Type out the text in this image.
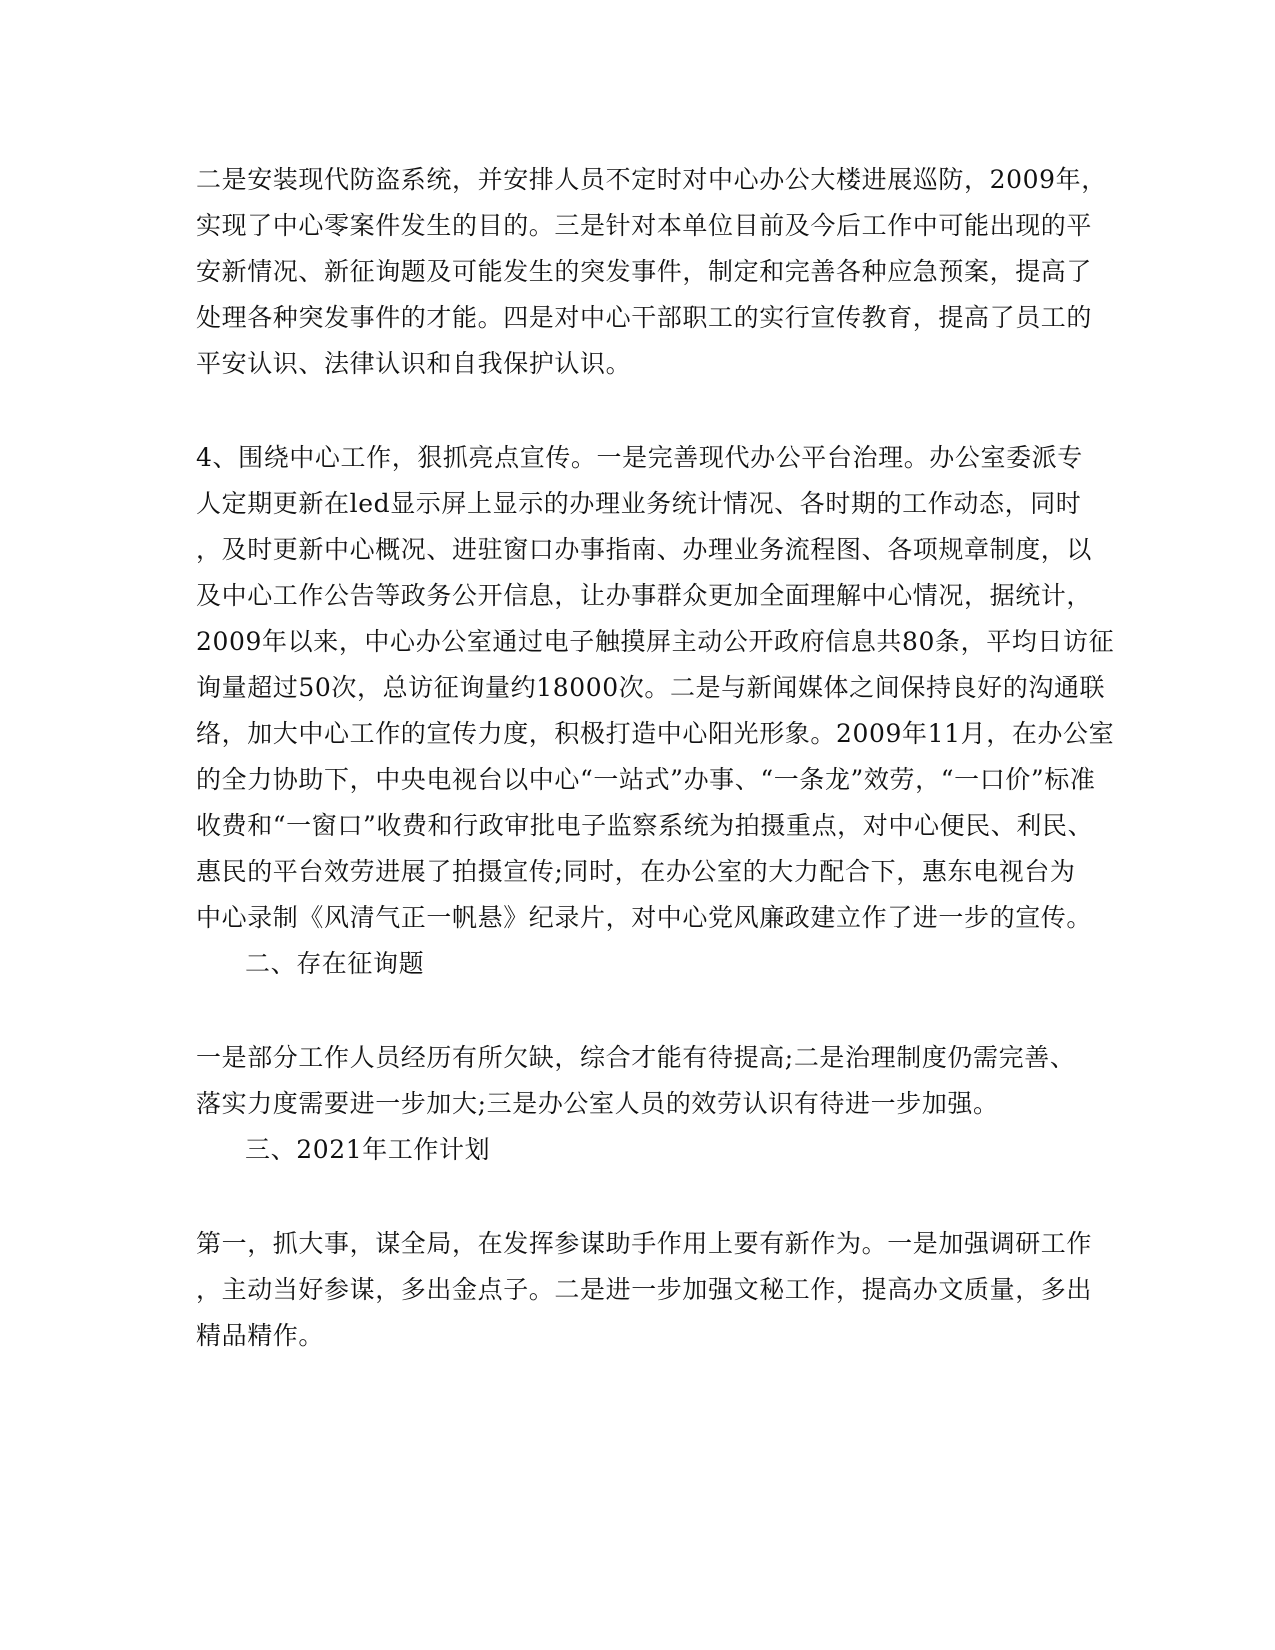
二是安装现代防盗系统，并安排人员不定时对中心办公大楼进展巡防，2009年，
实现了中心零案件发生的目的。三是针对本单位目前及今后工作中可能出现的平
安新情况、新征询题及可能发生的突发事件，制定和完善各种应急预案，提高了
处理各种突发事件的才能。四是对中心干部职工的实行宣传教育，提高了员工的
平安认识、法律认识和自我保护认识。
4、围绕中心工作，狠抓亮点宣传。一是完善现代办公平台治理。办公室委派专
人定期更新在led显示屏上显示的办理业务统计情况、各时期的工作动态，同时
，及时更新中心概况、进驻窗口办事指南、办理业务流程图、各项规章制度，以
及中心工作公告等政务公开信息，让办事群众更加全面理解中心情况，据统计，
2009年以来，中心办公室通过电子触摸屏主动公开政府信息共80条，平均日访征
询量超过50次，总访征询量约18000次。二是与新闻媒体之间保持良好的沟通联
络，加大中心工作的宣传力度，积极打造中心阳光形象。2009年11月，在办公室
的全力协助下，中央电视台以中心“一站式”办事、“一条龙”效劳，“一口价”标准
收费和“一窗口”收费和行政审批电子监察系统为拍摄重点，对中心便民、利民、
惠民的平台效劳进展了拍摄宣传;同时，在办公室的大力配合下，惠东电视台为
中心录制《风清气正一帆悬》纪录片，对中心党风廉政建立作了进一步的宣传。
二、存在征询题
一是部分工作人员经历有所欠缺，综合才能有待提高;二是治理制度仍需完善、
落实力度需要进一步加大;三是办公室人员的效劳认识有待进一步加强。
三、2021年工作计划
第一，抓大事，谋全局，在发挥参谋助手作用上要有新作为。一是加强调研工作
，主动当好参谋，多出金点子。二是进一步加强文秘工作，提高办文质量，多出
精品精作。
